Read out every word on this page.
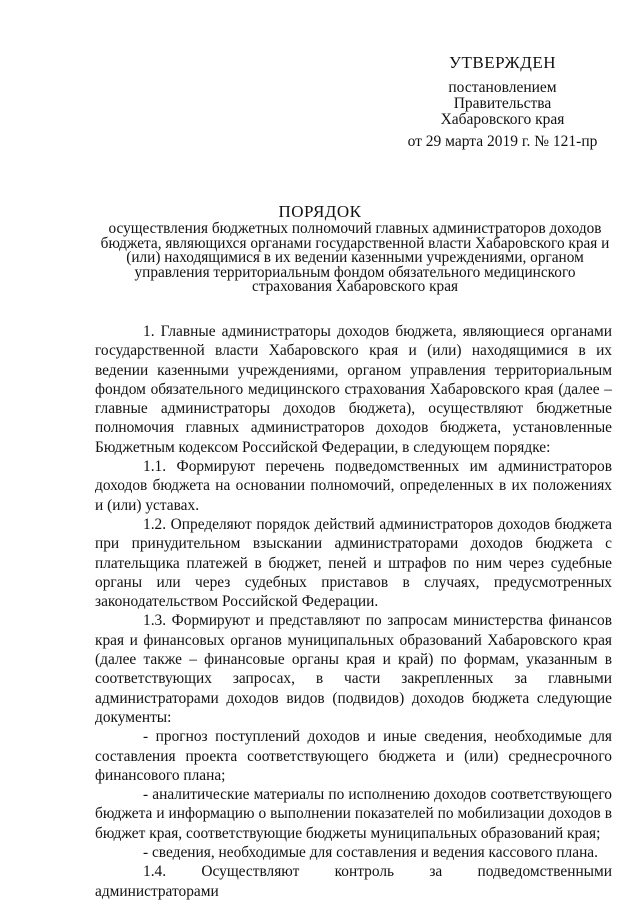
УТВЕРЖДЕН
постановлением
Правительства
Хабаровского края
от 29 марта 2019 г. № 121-пр
ПОРЯДОК
осуществления бюджетных полномочий главных администраторов доходов бюджета, являющихся органами государственной власти Хабаровского края и (или) находящимися в их ведении казенными учреждениями, органом управления территориальным фондом обязательного медицинского страхования Хабаровского края

1. Главные администраторы доходов бюджета, являющиеся органами государственной власти Хабаровского края и (или) находящимися в их ведении казенными учреждениями, органом управления территориальным фондом обязательного медицинского страхования Хабаровского края (далее – главные администраторы доходов бюджета), осуществляют бюджетные полномочия главных администраторов доходов бюджета, установленные Бюджетным кодексом Российской Федерации, в следующем порядке:

1.1. Формируют перечень подведомственных им администраторов доходов бюджета на основании полномочий, определенных в их положениях и (или) уставах.

1.2. Определяют порядок действий администраторов доходов бюджета при принудительном взыскании администраторами доходов бюджета с плательщика платежей в бюджет, пеней и штрафов по ним через судебные органы или через судебных приставов в случаях, предусмотренных законодательством Российской Федерации.

1.3. Формируют и представляют по запросам министерства финансов края и финансовых органов муниципальных образований Хабаровского края (далее также – финансовые органы края и край) по формам, указанным в соответствующих запросах, в части закрепленных за главными администраторами доходов видов (подвидов) доходов бюджета следующие документы:

- прогноз поступлений доходов и иные сведения, необходимые для составления проекта соответствующего бюджета и (или) среднесрочного финансового плана;

- аналитические материалы по исполнению доходов соответствующего бюджета и информацию о выполнении показателей по мобилизации доходов в бюджет края, соответствующие бюджеты муниципальных образований края;

- сведения, необходимые для составления и ведения кассового плана.

1.4. Осуществляют контроль за подведомственными администраторами
